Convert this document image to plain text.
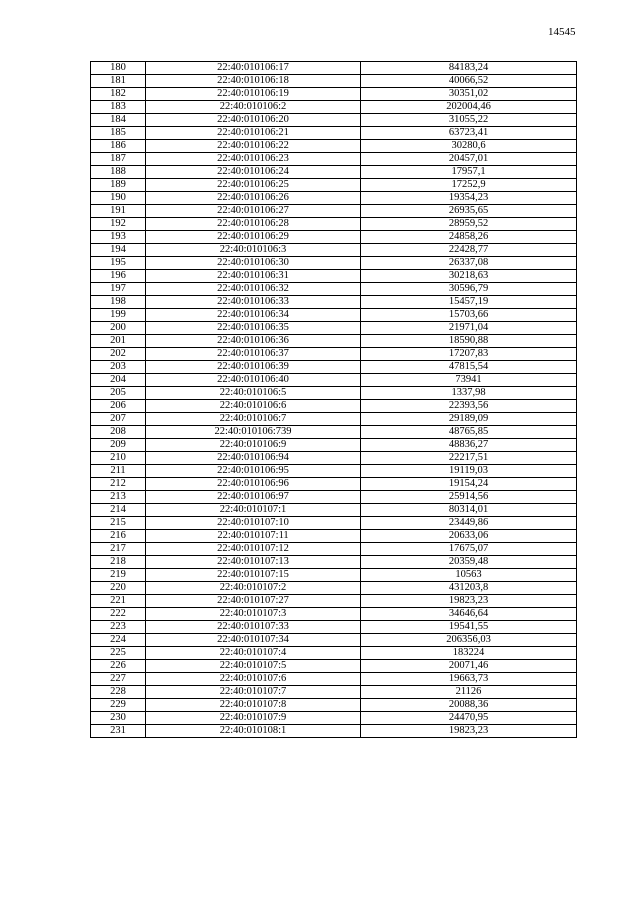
14545
180	22:40:010106:17	84183,24
181	22:40:010106:18	40066,52
182	22:40:010106:19	30351,02
183	22:40:010106:2	202004,46
184	22:40:010106:20	31055,22
185	22:40:010106:21	63723,41
186	22:40:010106:22	30280,6
187	22:40:010106:23	20457,01
188	22:40:010106:24	17957,1
189	22:40:010106:25	17252,9
190	22:40:010106:26	19354,23
191	22:40:010106:27	26935,65
192	22:40:010106:28	28959,52
193	22:40:010106:29	24858,26
194	22:40:010106:3	22428,77
195	22:40:010106:30	26337,08
196	22:40:010106:31	30218,63
197	22:40:010106:32	30596,79
198	22:40:010106:33	15457,19
199	22:40:010106:34	15703,66
200	22:40:010106:35	21971,04
201	22:40:010106:36	18590,88
202	22:40:010106:37	17207,83
203	22:40:010106:39	47815,54
204	22:40:010106:40	73941
205	22:40:010106:5	1337,98
206	22:40:010106:6	22393,56
207	22:40:010106:7	29189,09
208	22:40:010106:739	48765,85
209	22:40:010106:9	48836,27
210	22:40:010106:94	22217,51
211	22:40:010106:95	19119,03
212	22:40:010106:96	19154,24
213	22:40:010106:97	25914,56
214	22:40:010107:1	80314,01
215	22:40:010107:10	23449,86
216	22:40:010107:11	20633,06
217	22:40:010107:12	17675,07
218	22:40:010107:13	20359,48
219	22:40:010107:15	10563
220	22:40:010107:2	431203,8
221	22:40:010107:27	19823,23
222	22:40:010107:3	34646,64
223	22:40:010107:33	19541,55
224	22:40:010107:34	206356,03
225	22:40:010107:4	183224
226	22:40:010107:5	20071,46
227	22:40:010107:6	19663,73
228	22:40:010107:7	21126
229	22:40:010107:8	20088,36
230	22:40:010107:9	24470,95
231	22:40:010108:1	19823,23
